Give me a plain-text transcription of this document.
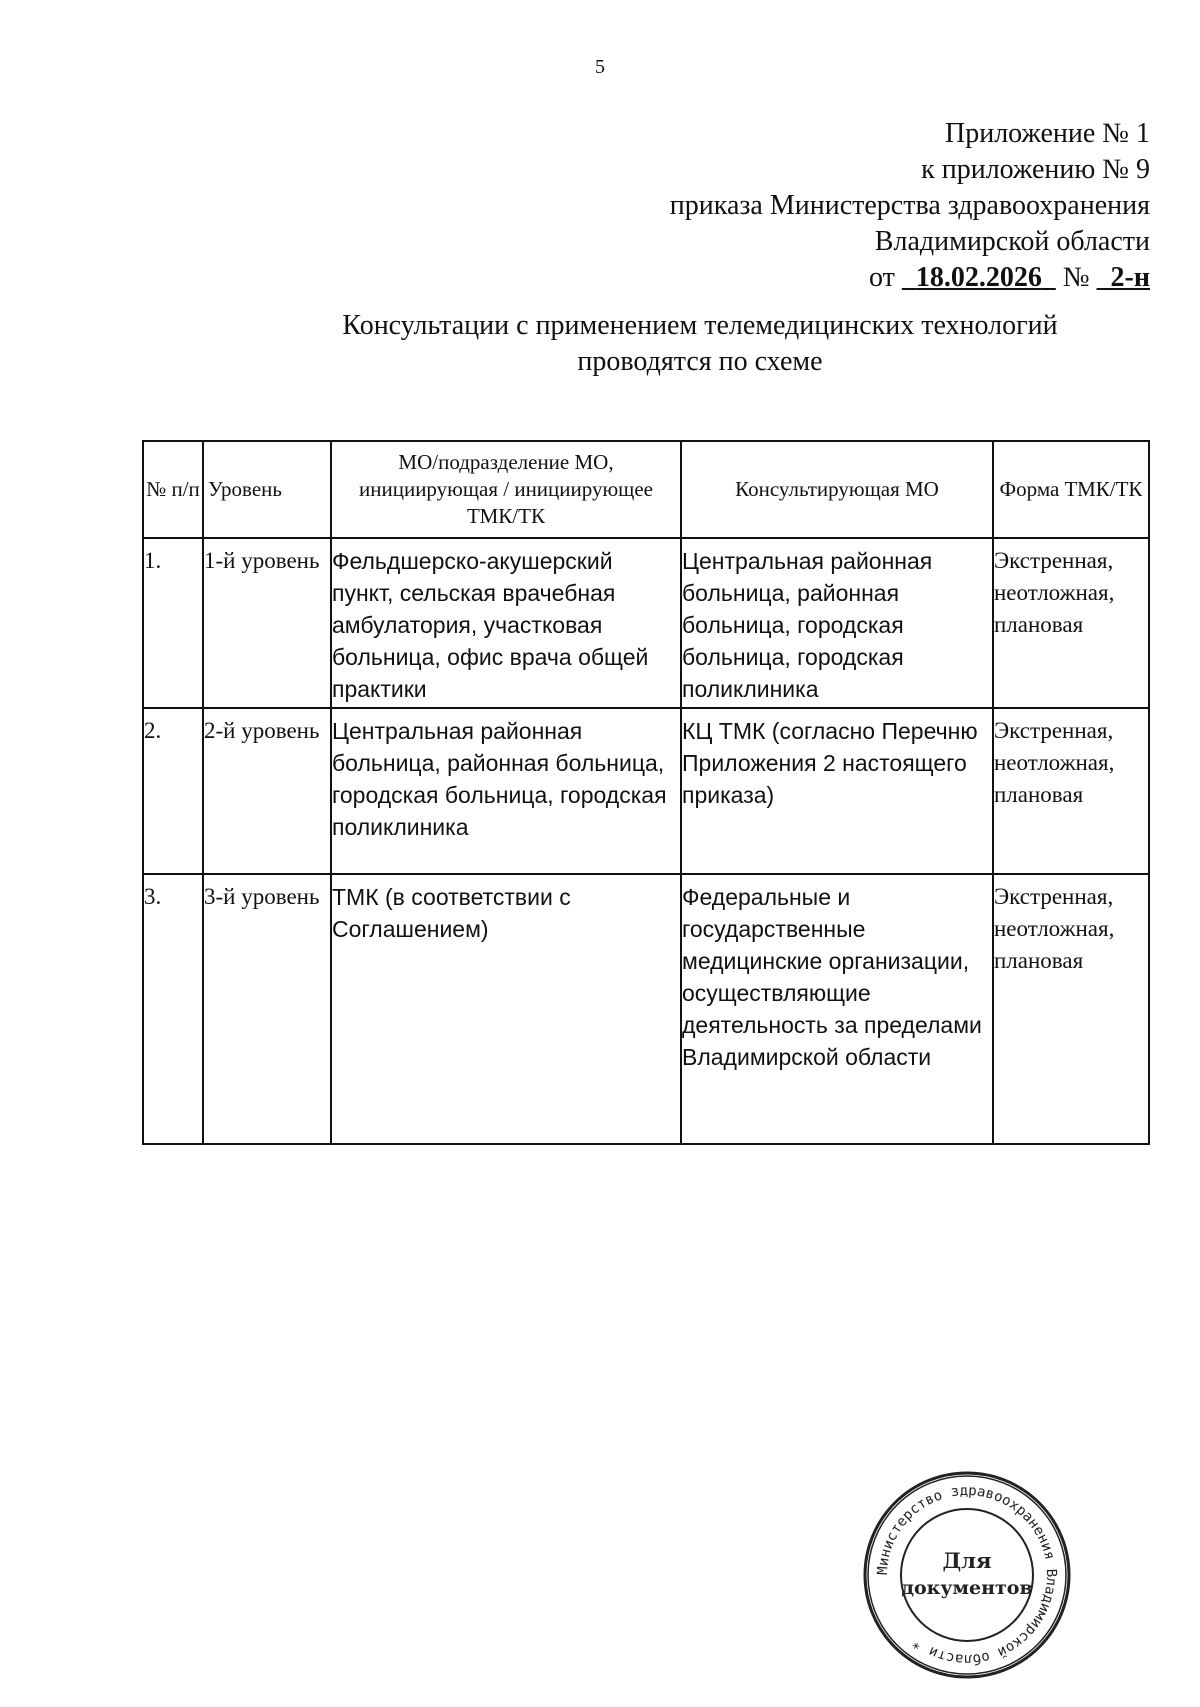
5
Приложение № 1
к приложению № 9
приказа Министерства здравоохранения
Владимирской области
от 18.02.2026 № 2-н
Консультации с применением телемедицинских технологий
проводятся по схеме
№ п/п	Уровень	МО/подразделение МО, инициирующая / инициирующее ТМК/ТК	Консультирующая МО	Форма ТМК/ТК
1.	1-й уровень	Фельдшерско-акушерский пункт, сельская врачебная амбулатория, участковая больница, офис врача общей практики	Центральная районная больница, районная больница, городская больница, городская поликлиника	Экстренная, неотложная, плановая
2.	2-й уровень	Центральная районная больница, районная больница, городская больница, городская поликлиника	КЦ ТМК (согласно Перечню Приложения 2 настоящего приказа)	Экстренная, неотложная, плановая
3.	3-й уровень	ТМК (в соответствии с Соглашением)	Федеральные и государственные медицинские организации, осуществляющие деятельность за пределами Владимирской области	Экстренная, неотложная, плановая
Министерство здравоохранения Владимирской области *
Для
документов
